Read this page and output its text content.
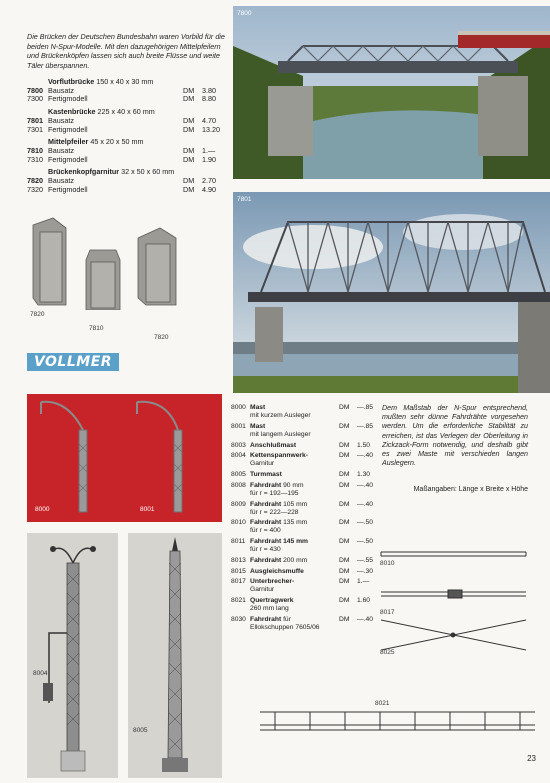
Die Brücken der Deutschen Bundesbahn waren Vorbild für die beiden N-Spur-Modelle. Mit den dazugehörigen Mittelpfeilern und Brückenköpfen lassen sich auch breite Flüsse und weite Täler überspannen.
Vorflutbrücke 150 x 40 x 30 mm
7800 Bausatz	DM	3.80
7300 Fertigmodell	DM	8.80
Kastenbrücke 225 x 40 x 60 mm
7801 Bausatz	DM	4.70
7301 Fertigmodell	DM	13.20
Mittelpfeiler 45 x 20 x 50 mm
7810 Bausatz	DM	1.—
7310 Fertigmodell	DM	1.90
Brückenkopfgarnitur 32 x 50 x 60 mm
7820 Bausatz	DM	2.70
7320 Fertigmodell	DM	4.90
7800
7801
7820
7810
7820
VOLLMER
8000	8001
8004
8005
8000 Mast
mit kurzem Ausleger
DM	—.85
8001 Mast
mit langem Ausleger
DM	—.85
8003 Anschlußmast	DM	1.50
8004 Kettenspannwerk-
Garnitur
DM	—.40
8005 Turmmast	DM	1.30
8008 Fahrdraht 90 mm
für r = 192—195
DM	—.40
8009 Fahrdraht 105 mm
für r = 222—228
DM	—.40
8010 Fahrdraht 135 mm
für r = 400
DM	—.50
8011 Fahrdraht 145 mm
für r = 430
DM	—.50
8013 Fahrdraht 200 mm	DM	—.55
8015 Ausgleichsmuffe	DM	—.30
8017 Unterbrecher-
Garnitur
DM	1.—
8021 Quertragwerk
260 mm lang
DM	1.60
8030 Fahrdraht für
Ellokschuppen 7605/06
DM	—.40
Dem Maßstab der N-Spur entsprechend, mußten sehr dünne Fahrdrähte vorgesehen werden. Um die erforderliche Stabilität zu erreichen, ist das Verlegen der Oberleitung in Zickzack-Form notwendig, und deshalb gibt es zwei Maste mit verschieden langen Auslegern.
Maßangaben: Länge x Breite x Höhe
8010
8017
8025
8021
23
